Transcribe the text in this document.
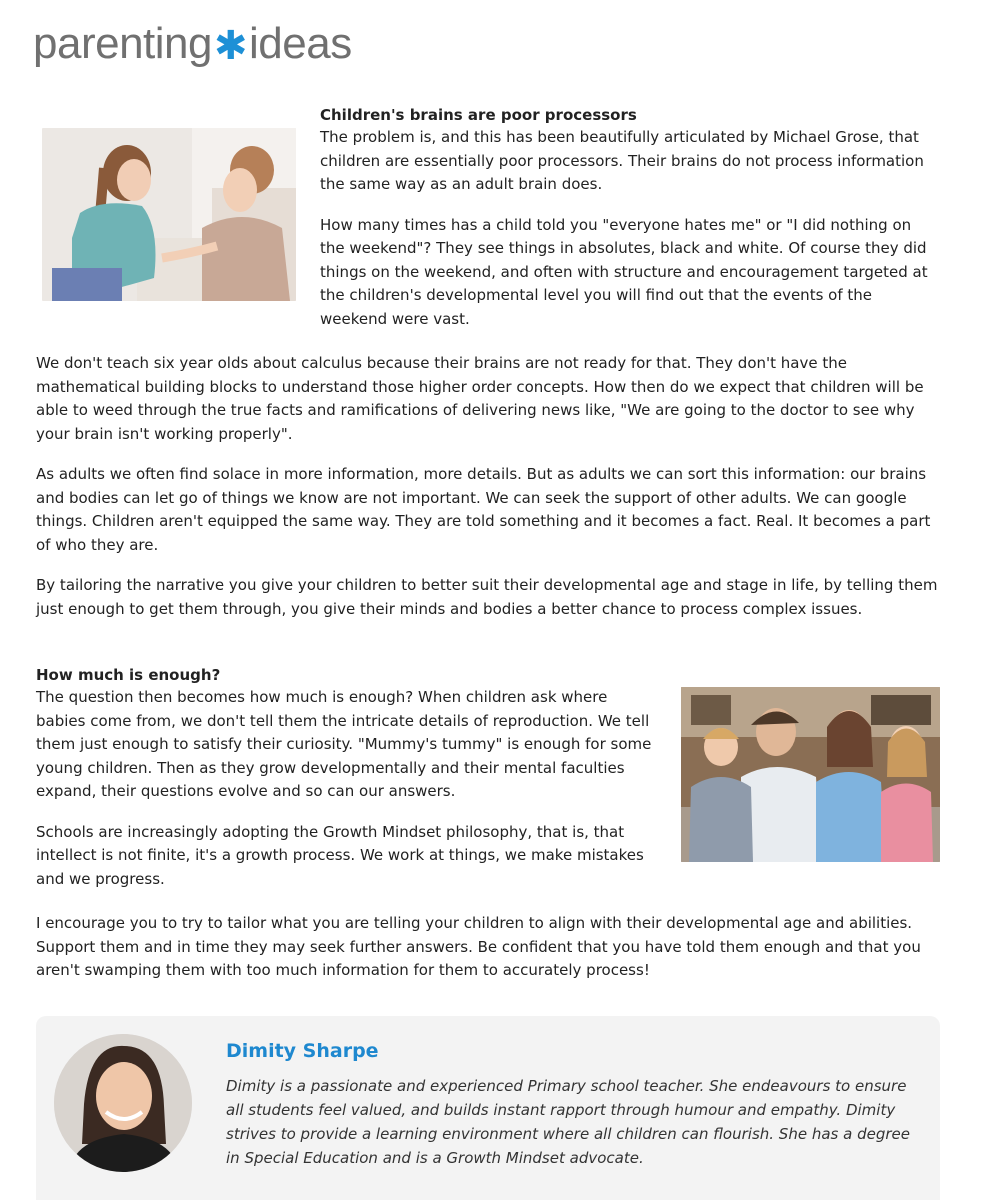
parenting ✱ ideas
Children's brains are poor processors

The problem is, and this has been beautifully articulated by Michael Grose, that children are essentially poor processors. Their brains do not process information the same way as an adult brain does.

How many times has a child told you "everyone hates me" or "I did nothing on the weekend"? They see things in absolutes, black and white. Of course they did things on the weekend, and often with structure and encouragement targeted at the children's developmental level you will find out that the events of the weekend were vast.

We don't teach six year olds about calculus because their brains are not ready for that. They don't have the mathematical building blocks to understand those higher order concepts. How then do we expect that children will be able to weed through the true facts and ramifications of delivering news like, "We are going to the doctor to see why your brain isn't working properly".

As adults we often find solace in more information, more details. But as adults we can sort this information: our brains and bodies can let go of things we know are not important. We can seek the support of other adults. We can google things. Children aren't equipped the same way. They are told something and it becomes a fact. Real. It becomes a part of who they are.

By tailoring the narrative you give your children to better suit their developmental age and stage in life, by telling them just enough to get them through, you give their minds and bodies a better chance to process complex issues.

How much is enough?

The question then becomes how much is enough? When children ask where babies come from, we don't tell them the intricate details of reproduction. We tell them just enough to satisfy their curiosity. "Mummy's tummy" is enough for some young children. Then as they grow developmentally and their mental faculties expand, their questions evolve and so can our answers.

Schools are increasingly adopting the Growth Mindset philosophy, that is, that intellect is not finite, it's a growth process. We work at things, we make mistakes and we progress.

I encourage you to try to tailor what you are telling your children to align with their developmental age and abilities. Support them and in time they may seek further answers. Be confident that you have told them enough and that you aren't swamping them with too much information for them to accurately process!

Dimity Sharpe
Dimity is a passionate and experienced Primary school teacher. She endeavours to ensure all students feel valued, and builds instant rapport through humour and empathy. Dimity strives to provide a learning environment where all children can flourish. She has a degree in Special Education and is a Growth Mindset advocate.
